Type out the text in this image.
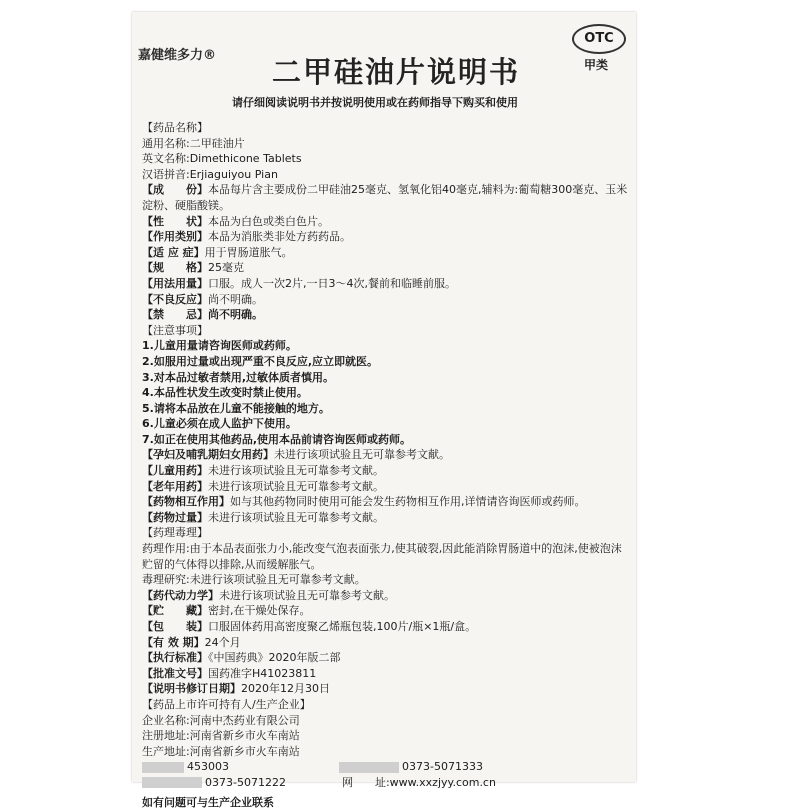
嘉健维多力® 二甲硅油片说明书
OTC
甲类
请仔细阅读说明书并按说明使用或在药师指导下购买和使用
【药品名称】
通用名称:二甲硅油片
英文名称:Dimethicone Tablets
汉语拼音:Erjiaguiyou Pian
【成　　份】本品每片含主要成份二甲硅油25毫克、氢氧化铝40毫克,辅料为:葡萄糖300毫克、玉米淀粉、硬脂酸镁。
【性　　状】本品为白色或类白色片。
【作用类别】本品为消胀类非处方药药品。
【适 应 症】用于胃肠道胀气。
【规　　格】25毫克
【用法用量】口服。成人一次2片,一日3～4次,餐前和临睡前服。
【不良反应】尚不明确。
【禁　　忌】尚不明确。
【注意事项】
1.儿童用量请咨询医师或药师。
2.如服用过量或出现严重不良反应,应立即就医。
3.对本品过敏者禁用,过敏体质者慎用。
4.本品性状发生改变时禁止使用。
5.请将本品放在儿童不能接触的地方。
6.儿童必须在成人监护下使用。
7.如正在使用其他药品,使用本品前请咨询医师或药师。
【孕妇及哺乳期妇女用药】未进行该项试验且无可靠参考文献。
【儿童用药】未进行该项试验且无可靠参考文献。
【老年用药】未进行该项试验且无可靠参考文献。
【药物相互作用】如与其他药物同时使用可能会发生药物相互作用,详情请咨询医师或药师。
【药物过量】未进行该项试验且无可靠参考文献。
【药理毒理】
药理作用:由于本品表面张力小,能改变气泡表面张力,使其破裂,因此能消除胃肠道中的泡沫,使被泡沫贮留的气体得以排除,从而缓解胀气。
毒理研究:未进行该项试验且无可靠参考文献。
【药代动力学】未进行该项试验且无可靠参考文献。
【贮　　藏】密封,在干燥处保存。
【包　　装】口服固体药用高密度聚乙烯瓶包装,100片/瓶×1瓶/盒。
【有 效 期】24个月
【执行标准】《中国药典》2020年版二部
【批准文号】国药准字H41023811
【说明书修订日期】2020年12月30日
【药品上市许可持有人/生产企业】
企业名称:河南中杰药业有限公司
注册地址:河南省新乡市火车南站
生产地址:河南省新乡市火车南站
453003	0373-5071333
0373-5071222	网　　址:www.xxzjyy.com.cn
如有问题可与生产企业联系
